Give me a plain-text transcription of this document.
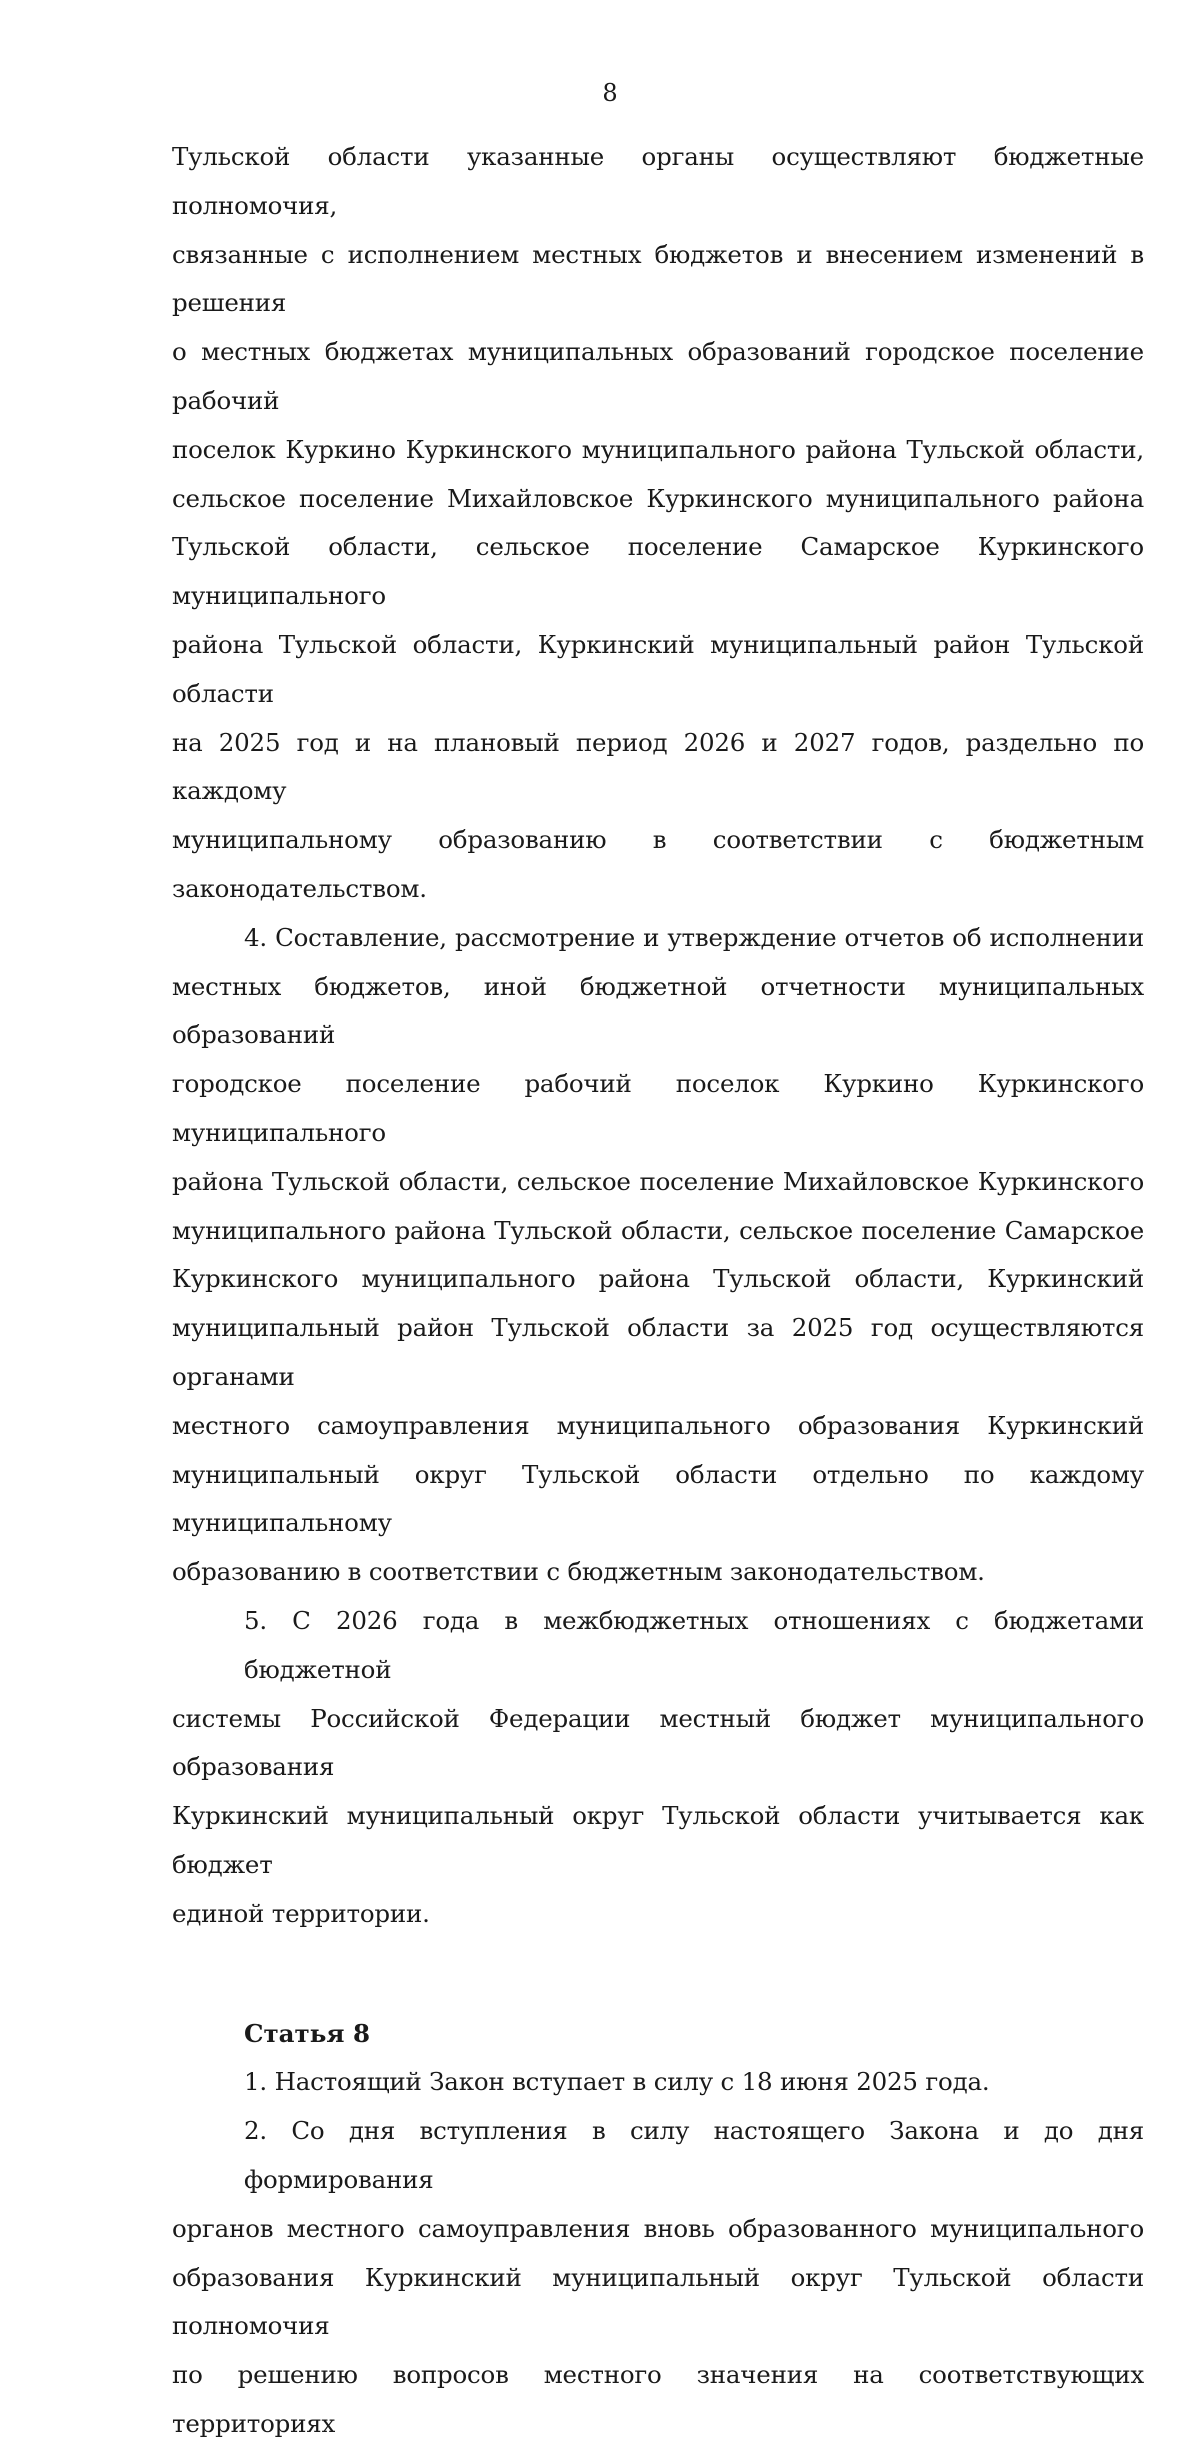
8
Тульской области указанные органы осуществляют бюджетные полномочия,
связанные с исполнением местных бюджетов и внесением изменений в решения
о местных бюджетах муниципальных образований городское поселение рабочий
поселок Куркино Куркинского муниципального района Тульской области,
сельское поселение Михайловское Куркинского муниципального района
Тульской области, сельское поселение Самарское Куркинского муниципального
района Тульской области, Куркинский муниципальный район Тульской области
на 2025 год и на плановый период 2026 и 2027 годов, раздельно по каждому
муниципальному образованию в соответствии с бюджетным законодательством.
4. Составление, рассмотрение и утверждение отчетов об исполнении
местных бюджетов, иной бюджетной отчетности муниципальных образований
городское поселение рабочий поселок Куркино Куркинского муниципального
района Тульской области, сельское поселение Михайловское Куркинского
муниципального района Тульской области, сельское поселение Самарское
Куркинского муниципального района Тульской области, Куркинский
муниципальный район Тульской области за 2025 год осуществляются органами
местного самоуправления муниципального образования Куркинский
муниципальный округ Тульской области отдельно по каждому муниципальному
образованию в соответствии с бюджетным законодательством.
5. С 2026 года в межбюджетных отношениях с бюджетами бюджетной
системы Российской Федерации местный бюджет муниципального образования
Куркинский муниципальный округ Тульской области учитывается как бюджет
единой территории.
Статья 8
1. Настоящий Закон вступает в силу с 18 июня 2025 года.
2. Со дня вступления в силу настоящего Закона и до дня формирования
органов местного самоуправления вновь образованного муниципального
образования Куркинский муниципальный округ Тульской области полномочия
по решению вопросов местного значения на соответствующих территориях
